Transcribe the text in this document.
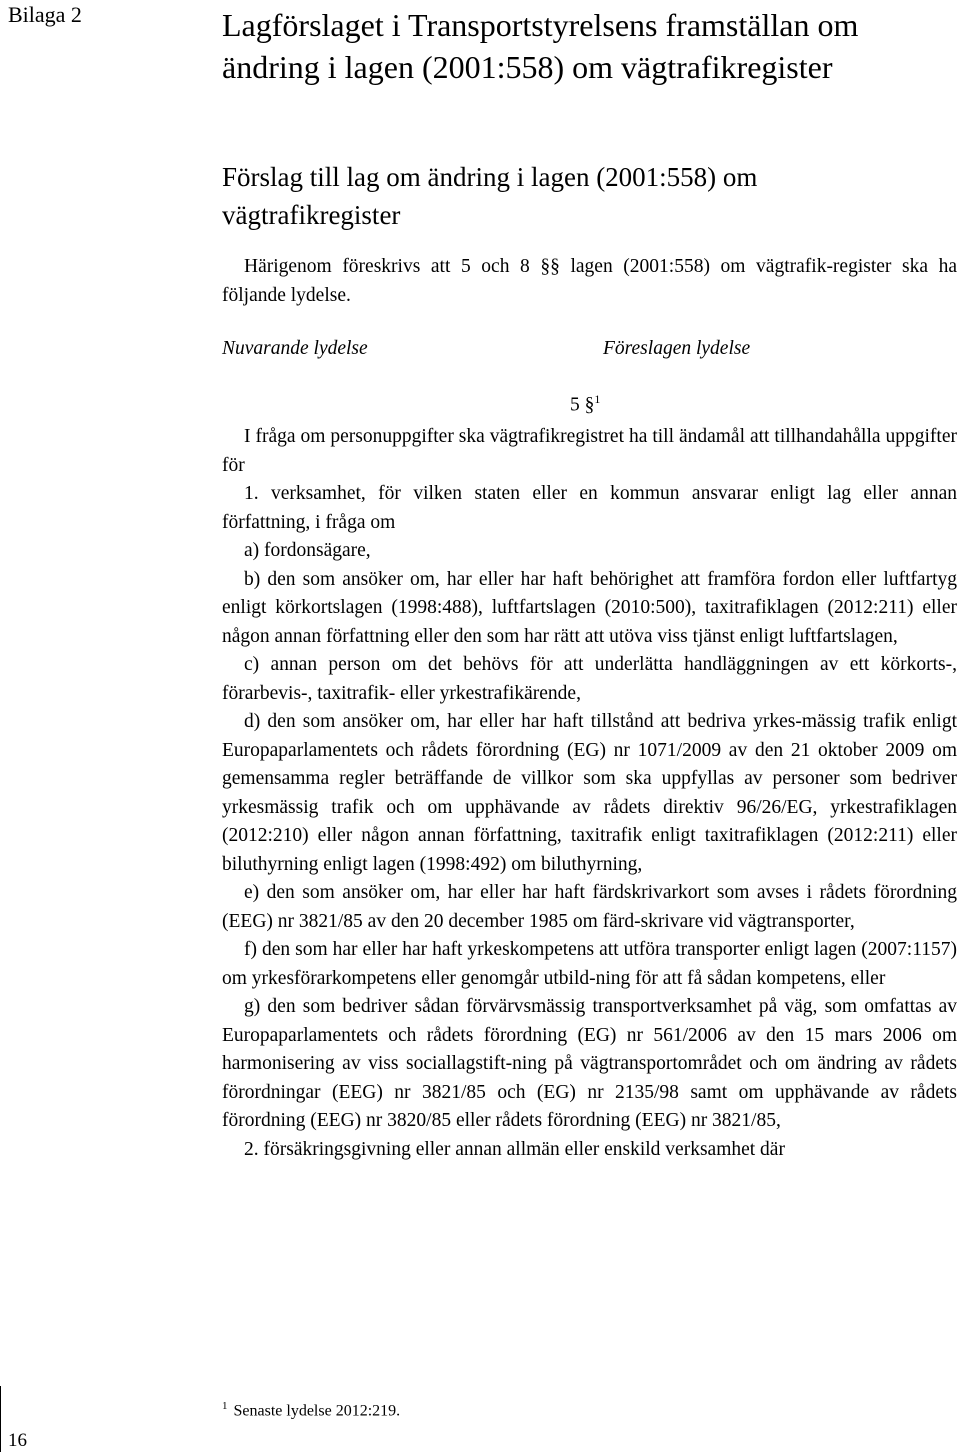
Bilaga 2	Lagförslaget i Transportstyrelsens framställan om ändring i lagen (2001:558) om vägtrafikregister
Förslag till lag om ändring i lagen (2001:558) om vägtrafikregister
Härigenom föreskrivs att 5 och 8 §§ lagen (2001:558) om vägtrafik-register ska ha följande lydelse.
Nuvarande lydelse	Föreslagen lydelse
5 §$^1$

I fråga om personuppgifter ska vägtrafikregistret ha till ändamål att tillhandahålla uppgifter för

1. verksamhet, för vilken staten eller en kommun ansvarar enligt lag eller annan författning, i fråga om

a) fordonsägare,

b) den som ansöker om, har eller har haft behörighet att framföra fordon eller luftfartyg enligt körkortslagen (1998:488), luftfartslagen (2010:500), taxitrafiklagen (2012:211) eller någon annan författning eller den som har rätt att utöva viss tjänst enligt luftfartslagen,

c) annan person om det behövs för att underlätta handläggningen av ett körkorts-, förarbevis-, taxitrafik- eller yrkestrafikärende,

d) den som ansöker om, har eller har haft tillstånd att bedriva yrkes-mässig trafik enligt Europaparlamentets och rådets förordning (EG) nr 1071/2009 av den 21 oktober 2009 om gemensamma regler beträffande de villkor som ska uppfyllas av personer som bedriver yrkesmässig trafik och om upphävande av rådets direktiv 96/26/EG, yrkestrafiklagen (2012:210) eller någon annan författning, taxitrafik enligt taxitrafiklagen (2012:211) eller biluthyrning enligt lagen (1998:492) om biluthyrning,

e) den som ansöker om, har eller har haft färdskrivarkort som avses i rådets förordning (EEG) nr 3821/85 av den 20 december 1985 om färd-skrivare vid vägtransporter,

f) den som har eller har haft yrkeskompetens att utföra transporter enligt lagen (2007:1157) om yrkesförarkompetens eller genomgår utbild-ning för att få sådan kompetens, eller

g) den som bedriver sådan förvärvsmässig transportverksamhet på väg, som omfattas av Europaparlamentets och rådets förordning (EG) nr 561/2006 av den 15 mars 2006 om harmonisering av viss sociallagstift-ning på vägtransportområdet och om ändring av rådets förordningar (EEG) nr 3821/85 och (EG) nr 2135/98 samt om upphävande av rådets förordning (EEG) nr 3820/85 eller rådets förordning (EEG) nr 3821/85,

2. försäkringsgivning eller annan allmän eller enskild verksamhet där

$^1$ Senaste lydelse 2012:219.
16
